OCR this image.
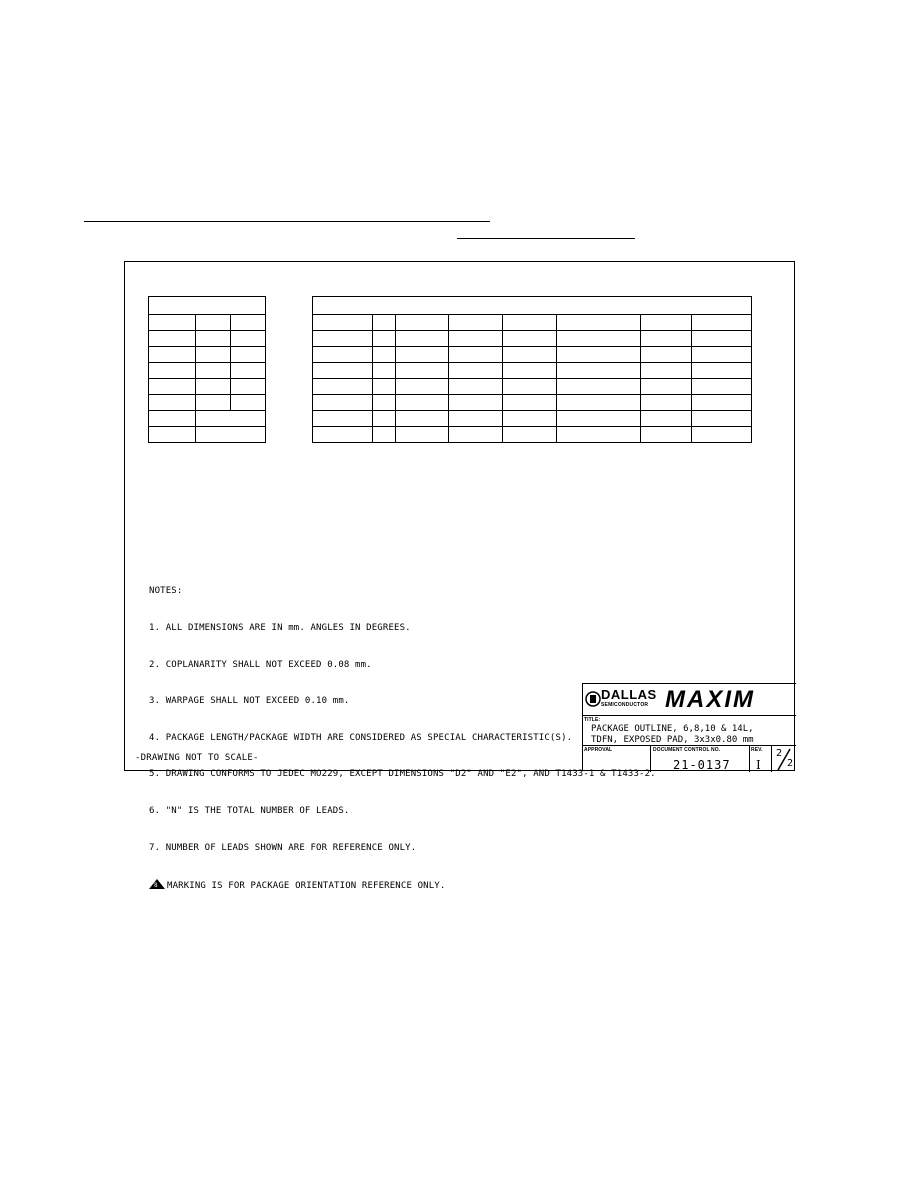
NOTES:

1. ALL DIMENSIONS ARE IN mm. ANGLES IN DEGREES.

2. COPLANARITY SHALL NOT EXCEED 0.08 mm.

3. WARPAGE SHALL NOT EXCEED 0.10 mm.

4. PACKAGE LENGTH/PACKAGE WIDTH ARE CONSIDERED AS SPECIAL CHARACTERISTIC(S).

5. DRAWING CONFORMS TO JEDEC MO229, EXCEPT DIMENSIONS "D2" AND "E2", AND T1433-1 & T1433-2.

6. "N" IS THE TOTAL NUMBER OF LEADS.

7. NUMBER OF LEADS SHOWN ARE FOR REFERENCE ONLY.

8 MARKING IS FOR PACKAGE ORIENTATION REFERENCE ONLY.

-DRAWING NOT TO SCALE-
DALLAS
SEMICONDUCTOR MAXIM
TITLE:
PACKAGE OUTLINE, 6,8,10 & 14L,
TDFN, EXPOSED PAD, 3x3x0.80 mm
APPROVAL	DOCUMENT CONTROL NO.
21-0137
REV.
I
2
2
